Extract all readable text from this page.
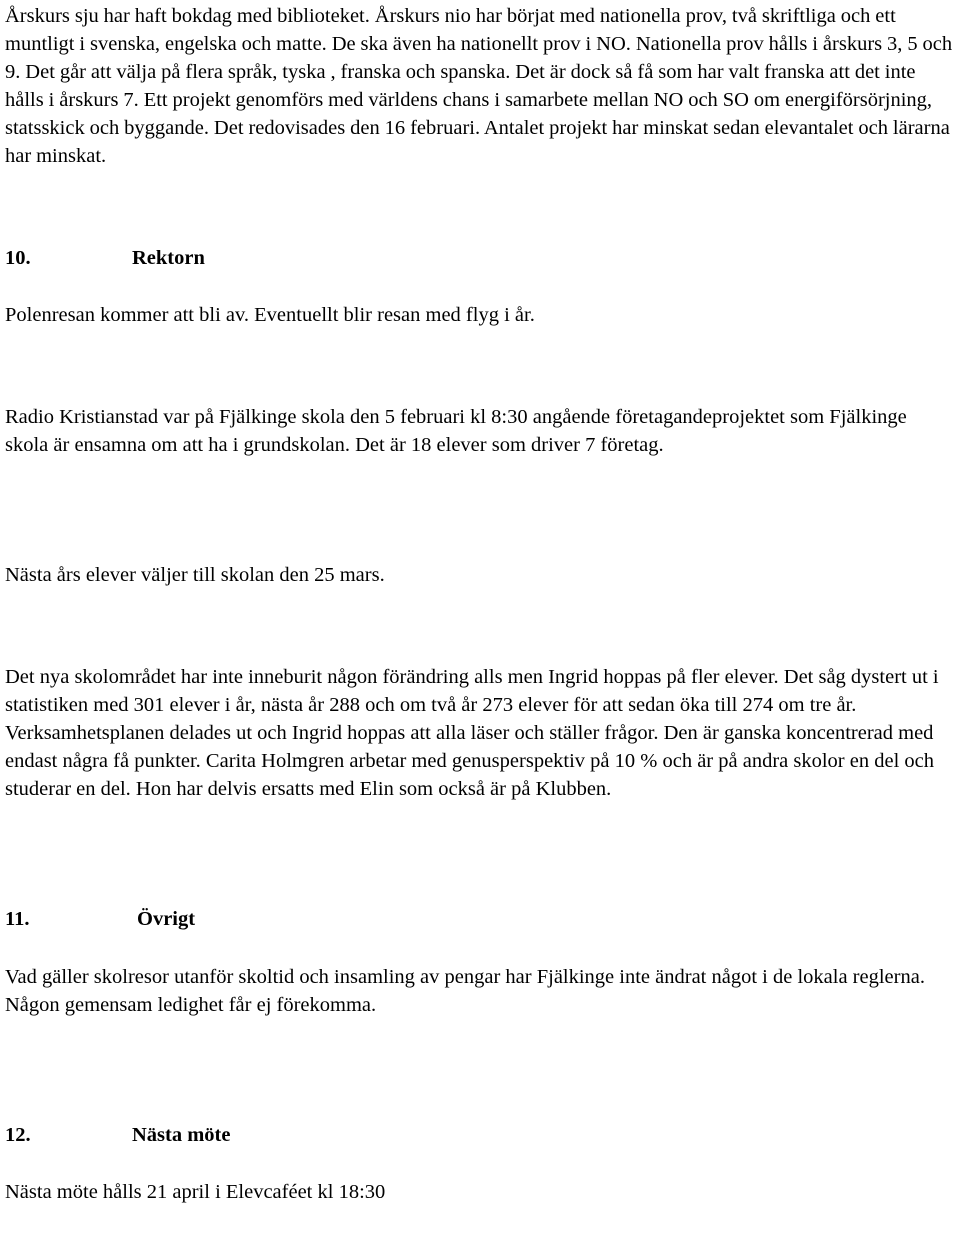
Årskurs sju har haft bokdag med biblioteket. Årskurs nio har börjat med nationella prov, två skriftliga och ett muntligt i svenska, engelska och matte. De ska även ha nationellt prov i NO. Nationella prov hålls i årskurs 3, 5 och 9. Det går att välja på flera språk, tyska , franska och spanska. Det är dock så få som har valt franska att det inte hålls i årskurs 7. Ett projekt genomförs med världens chans i samarbete mellan NO och SO om energiförsörjning, statsskick och byggande. Det redovisades den 16 februari. Antalet projekt har minskat sedan elevantalet och lärarna har minskat.

10.	Rektorn

Polenresan kommer att bli av. Eventuellt blir resan med flyg i år.

Radio Kristianstad var på Fjälkinge skola den 5 februari kl 8:30 angående företagandeprojektet som Fjälkinge skola är ensamna om att ha i grundskolan. Det är 18 elever som driver 7 företag.

Nästa års elever väljer till skolan den 25 mars.

Det nya skolområdet har inte inneburit någon förändring alls men Ingrid hoppas på fler elever. Det såg dystert ut i statistiken med 301 elever i år, nästa år 288 och om två år 273 elever för att sedan öka till 274 om tre år. Verksamhetsplanen delades ut och Ingrid hoppas att alla läser och ställer frågor. Den är ganska koncentrerad med endast några få punkter. Carita Holmgren arbetar med genusperspektiv på 10 % och är på andra skolor en del och studerar en del. Hon har delvis ersatts med Elin som också är på Klubben.

11.	Övrigt

Vad gäller skolresor utanför skoltid och insamling av pengar har Fjälkinge inte ändrat något i de lokala reglerna. Någon gemensam ledighet får ej förekomma.

12.	Nästa möte

Nästa möte hålls 21 april i Elevcaféet kl 18:30
